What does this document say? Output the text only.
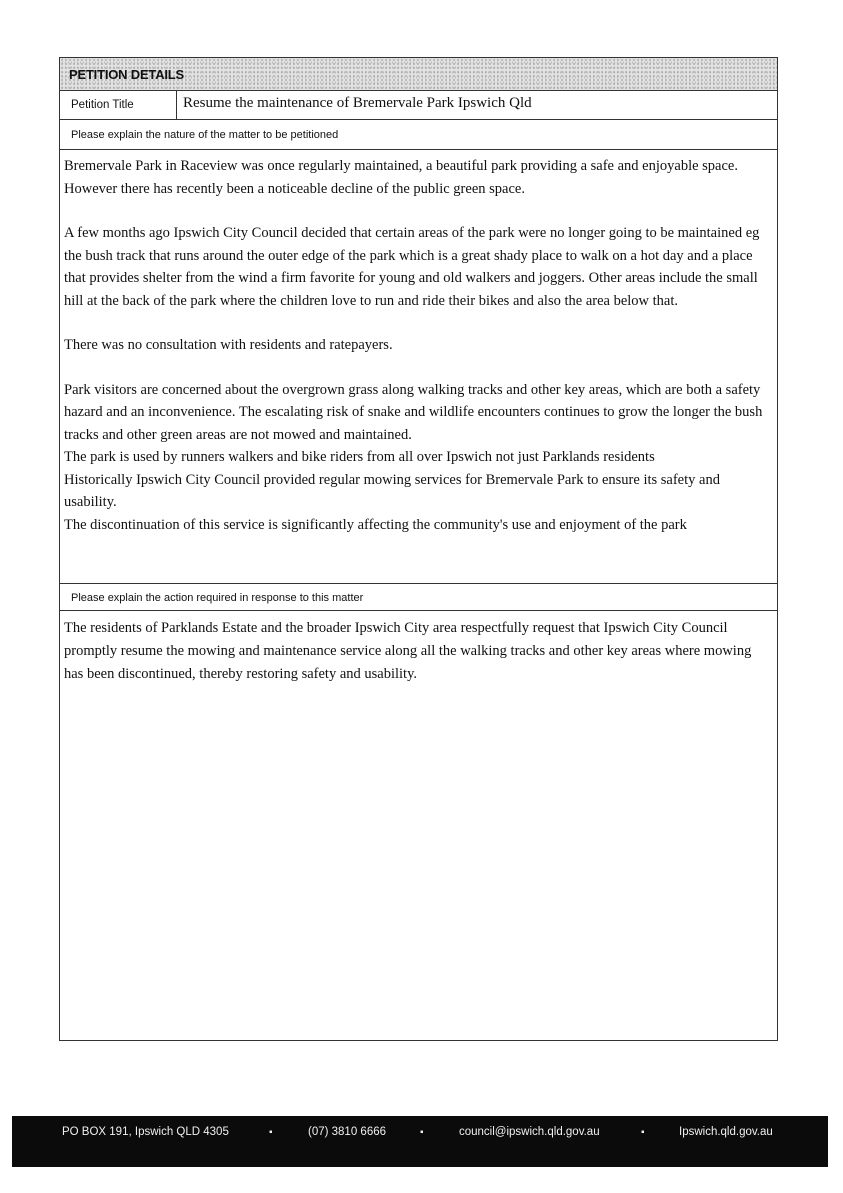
PETITION DETAILS
Petition Title	Resume the maintenance of Bremervale Park Ipswich Qld
Please explain the nature of the matter to be petitioned

Bremervale Park in Raceview was once regularly maintained, a beautiful park providing a safe and enjoyable space. However there has recently been a noticeable decline of the public green space.

A few months ago Ipswich City Council decided that certain areas of the park were no longer going to be maintained eg the bush track that runs around the outer edge of the park which is a great shady place to walk on a hot day and a place that provides shelter from the wind a firm favorite for young and old walkers and joggers. Other areas include the small hill at the back of the park where the children love to run and ride their bikes and also the area below that.

There was no consultation with residents and ratepayers.

Park visitors are concerned about the overgrown grass along walking tracks and other key areas, which are both a safety hazard and an inconvenience. The escalating risk of snake and wildlife encounters continues to grow the longer the bush tracks and other green areas are not mowed and maintained.

The park is used by runners walkers and bike riders from all over Ipswich not just Parklands residents

Historically Ipswich City Council provided regular mowing services for Bremervale Park to ensure its safety and usability.

The discontinuation of this service is significantly affecting the community's use and enjoyment of the park

Please explain the action required in response to this matter
The residents of Parklands Estate and the broader Ipswich City area respectfully request that Ipswich City Council promptly resume the mowing and maintenance service along all the walking tracks and other key areas where mowing has been discontinued, thereby restoring safety and usability.
PO BOX 191, Ipswich QLD 4305	▪	(07) 3810 6666	▪	council@ipswich.qld.gov.au	▪	Ipswich.qld.gov.au
